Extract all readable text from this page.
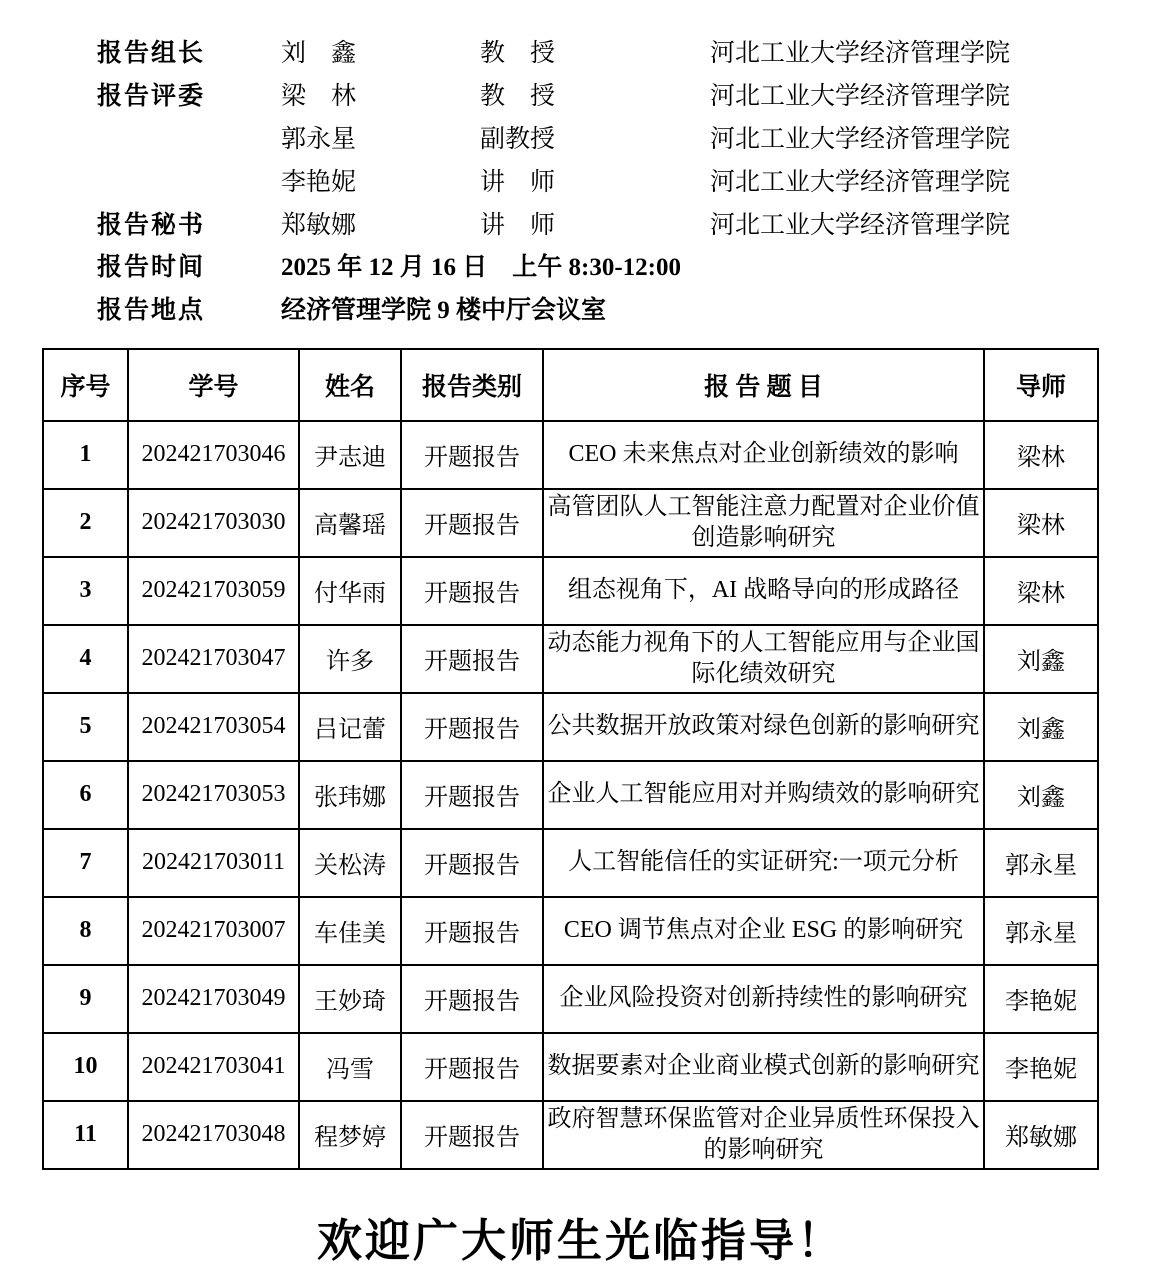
报告组长	刘　鑫	教　授	河北工业大学经济管理学院
报告评委	梁　林	教　授	河北工业大学经济管理学院
郭永星	副教授	河北工业大学经济管理学院
李艳妮	讲　师	河北工业大学经济管理学院
报告秘书	郑敏娜	讲　师	河北工业大学经济管理学院
报告时间	2025 年 12 月 16 日　上午 8:30-12:00
报告地点	经济管理学院 9 楼中厅会议室
序号	学号	姓名	报告类别	报 告 题 目	导师
1	202421703046	尹志迪	开题报告	CEO 未来焦点对企业创新绩效的影响	梁林
2	202421703030	高馨瑶	开题报告	高管团队人工智能注意力配置对企业价值创造影响研究	梁林
3	202421703059	付华雨	开题报告	组态视角下，AI 战略导向的形成路径	梁林
4	202421703047	许多	开题报告	动态能力视角下的人工智能应用与企业国际化绩效研究	刘鑫
5	202421703054	吕记蕾	开题报告	公共数据开放政策对绿色创新的影响研究	刘鑫
6	202421703053	张玮娜	开题报告	企业人工智能应用对并购绩效的影响研究	刘鑫
7	202421703011	关松涛	开题报告	人工智能信任的实证研究:一项元分析	郭永星
8	202421703007	车佳美	开题报告	CEO 调节焦点对企业 ESG 的影响研究	郭永星
9	202421703049	王妙琦	开题报告	企业风险投资对创新持续性的影响研究	李艳妮
10	202421703041	冯雪	开题报告	数据要素对企业商业模式创新的影响研究	李艳妮
11	202421703048	程梦婷	开题报告	政府智慧环保监管对企业异质性环保投入的影响研究	郑敏娜
欢迎广大师生光临指导！
